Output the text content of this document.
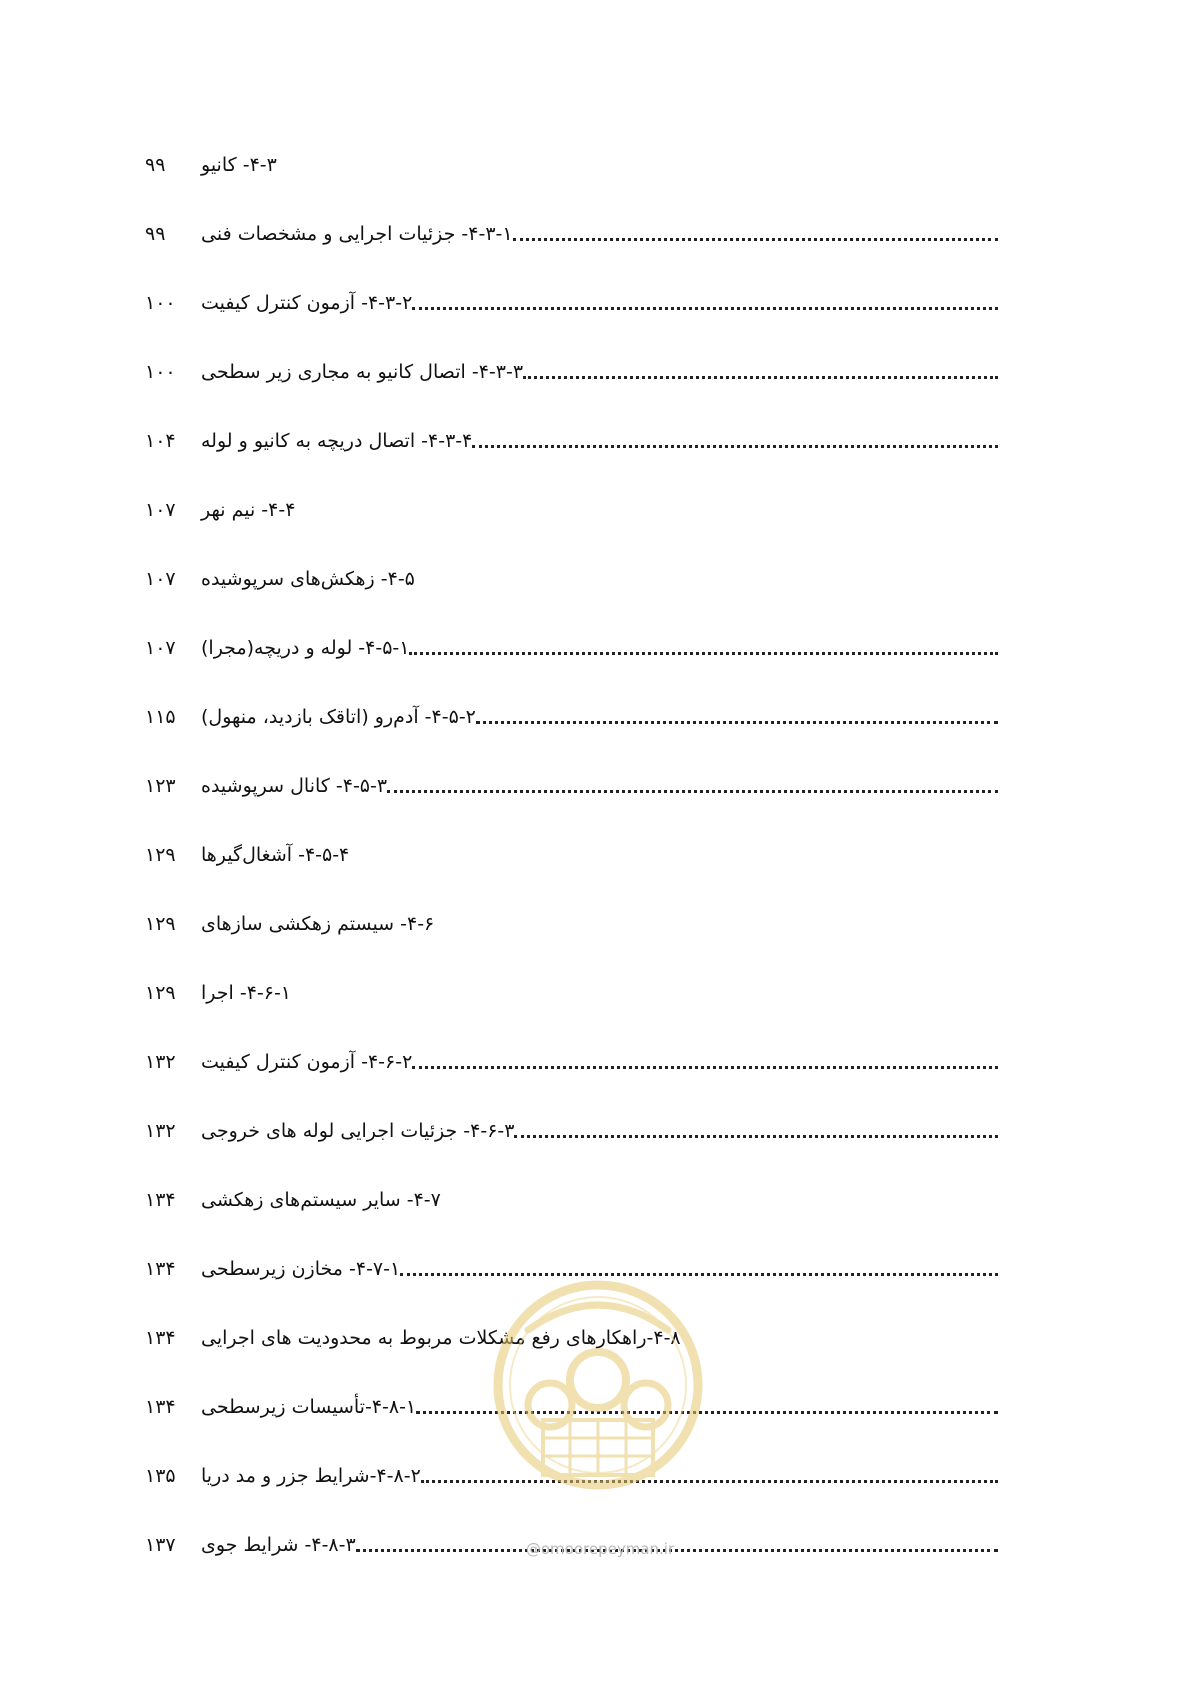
۴-۳- کانیو
۹۹
۴-۳-۱- جزئیات اجرایی و مشخصات فنی
۹۹
۴-۳-۲- آزمون کنترل کیفیت
۱۰۰
۴-۳-۳- اتصال کانیو به مجاری زیر سطحی
۱۰۰
۴-۳-۴- اتصال دریچه به کانیو و لوله
۱۰۴
۴-۴- نیم نهر
۱۰۷
۴-۵- زهکش‌های سرپوشیده
۱۰۷
۴-۵-۱- لوله و دریچه(مجرا)
۱۰۷
۴-۵-۲- آدم‌رو (اتاقک بازدید، منهول)
۱۱۵
۴-۵-۳- کانال سرپوشیده
۱۲۳
۴-۵-۴- آشغال‌گیرها
۱۲۹
۴-۶- سیستم زهکشی سازهای
۱۲۹
۴-۶-۱- اجرا
۱۲۹
۴-۶-۲- آزمون کنترل کیفیت
۱۳۲
۴-۶-۳- جزئیات اجرایی لوله های خروجی
۱۳۲
۴-۷- سایر سیستم‌های زهکشی
۱۳۴
۴-۷-۱- مخازن زیرسطحی
۱۳۴
۴-۸-راهکارهای رفع مشکلات مربوط به محدودیت های اجرایی
۱۳۴
۴-۸-۱-تأسیسات زیرسطحی
۱۳۴
۴-۸-۲-شرایط جزر و مد دریا
۱۳۵
۴-۸-۳- شرایط جوی
۱۳۷	@omoorepeyman.ir
